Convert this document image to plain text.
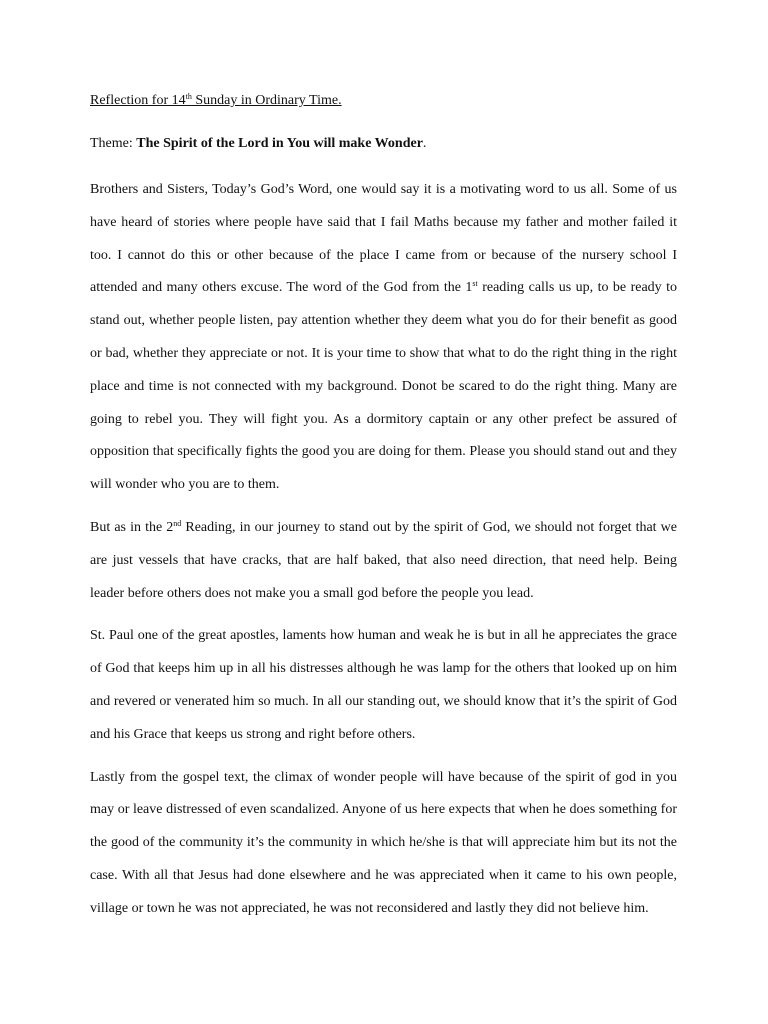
Reflection for 14th Sunday in Ordinary Time.

Theme: The Spirit of the Lord in You will make Wonder.

Brothers and Sisters, Today’s God’s Word, one would say it is a motivating word to us all. Some of us have heard of stories where people have said that I fail Maths because my father and mother failed it too. I cannot do this or other because of the place I came from or because of the nursery school I attended and many others excuse. The word of the God from the 1st reading calls us up, to be ready to stand out, whether people listen, pay attention whether they deem what you do for their benefit as good or bad, whether they appreciate or not. It is your time to show that what to do the right thing in the right place and time is not connected with my background. Donot be scared to do the right thing. Many are going to rebel you. They will fight you. As a dormitory captain or any other prefect be assured of opposition that specifically fights the good you are doing for them. Please you should stand out and they will wonder who you are to them.

But as in the 2nd Reading, in our journey to stand out by the spirit of God, we should not forget that we are just vessels that have cracks, that are half baked, that also need direction, that need help. Being leader before others does not make you a small god before the people you lead.

St. Paul one of the great apostles, laments how human and weak he is but in all he appreciates the grace of God that keeps him up in all his distresses although he was lamp for the others that looked up on him and revered or venerated him so much. In all our standing out, we should know that it’s the spirit of God and his Grace that keeps us strong and right before others.

Lastly from the gospel text, the climax of wonder people will have because of the spirit of god in you may or leave distressed of even scandalized. Anyone of us here expects that when he does something for the good of the community it’s the community in which he/she is that will appreciate him but its not the case. With all that Jesus had done elsewhere and he was appreciated when it came to his own people, village or town he was not appreciated, he was not reconsidered and lastly they did not believe him.
